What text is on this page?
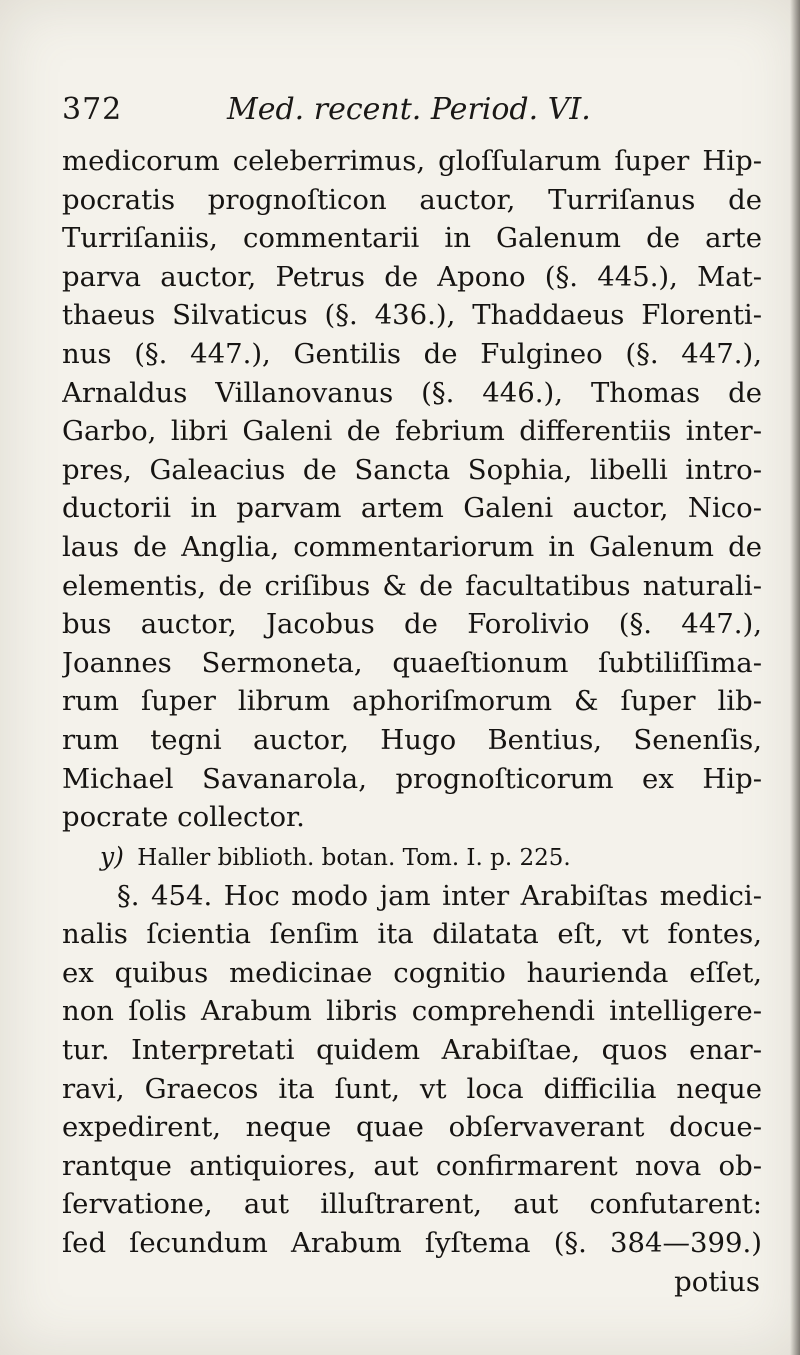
372	Med. recent. Period. VI.
medicorum celeberrimus, gloſſularum ſuper Hip-
pocratis prognoſticon auctor, Turriſanus de
Turriſaniis, commentarii in Galenum de arte
parva auctor, Petrus de Apono (§. 445.), Mat-
thaeus Silvaticus (§. 436.), Thaddaeus Florenti-
nus (§. 447.), Gentilis de Fulgineo (§. 447.),
Arnaldus Villanovanus (§. 446.), Thomas de
Garbo, libri Galeni de febrium differentiis inter-
pres, Galeacius de Sancta Sophia, libelli intro-
ductorii in parvam artem Galeni auctor, Nico-
laus de Anglia, commentariorum in Galenum de
elementis, de criſibus & de facultatibus naturali-
bus auctor, Jacobus de Forolivio (§. 447.),
Joannes Sermoneta, quaeſtionum ſubtiliſſima-
rum ſuper librum aphoriſmorum & ſuper lib-
rum tegni auctor, Hugo Bentius, Senenſis,
Michael Savanarola, prognoſticorum ex Hip-
pocrate collector.
y) Haller biblioth. botan. Tom. I. p. 225.
§. 454. Hoc modo jam inter Arabiſtas medici-
nalis ſcientia ſenſim ita dilatata eſt, vt fontes,
ex quibus medicinae cognitio haurienda eſſet,
non ſolis Arabum libris comprehendi intelligere-
tur. Interpretati quidem Arabiſtae, quos enar-
ravi, Graecos ita ſunt, vt loca difficilia neque
expedirent, neque quae obſervaverant docue-
rantque antiquiores, aut confirmarent nova ob-
ſervatione, aut illuſtrarent, aut confutarent:
ſed ſecundum Arabum ſyſtema (§. 384—399.)
potius
